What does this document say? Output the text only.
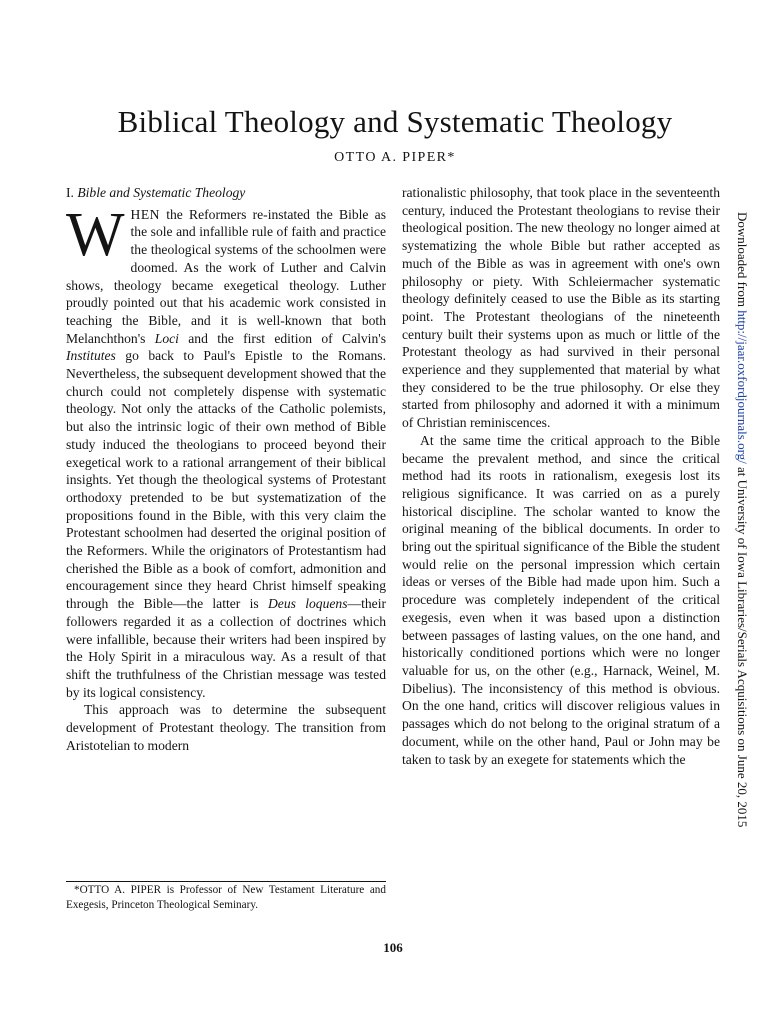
Biblical Theology and Systematic Theology
OTTO A. PIPER*
I. Bible and Systematic Theology

WHEN the Reformers re-instated the Bible as the sole and infallible rule of faith and practice the theological systems of the schoolmen were doomed. As the work of Luther and Calvin shows, theology became exegetical theology. Luther proudly pointed out that his academic work consisted in teaching the Bible, and it is well-known that both Melanchthon's Loci and the first edition of Calvin's Institutes go back to Paul's Epistle to the Romans. Nevertheless, the subsequent development showed that the church could not completely dispense with systematic theology. Not only the attacks of the Catholic polemists, but also the intrinsic logic of their own method of Bible study induced the theologians to proceed beyond their exegetical work to a rational arrangement of their biblical insights. Yet though the theological systems of Protestant orthodoxy pretended to be but systematization of the propositions found in the Bible, with this very claim the Protestant schoolmen had deserted the original position of the Reformers. While the originators of Protestantism had cherished the Bible as a book of comfort, admonition and encouragement since they heard Christ himself speaking through the Bible—the latter is Deus loquens—their followers regarded it as a collection of doctrines which were infallible, because their writers had been inspired by the Holy Spirit in a miraculous way. As a result of that shift the truthfulness of the Christian message was tested by its logical consistency.

This approach was to determine the subsequent development of Protestant theology. The transition from Aristotelian to modern

rationalistic philosophy, that took place in the seventeenth century, induced the Protestant theologians to revise their theological position. The new theology no longer aimed at systematizing the whole Bible but rather accepted as much of the Bible as was in agreement with one's own philosophy or piety. With Schleiermacher systematic theology definitely ceased to use the Bible as its starting point. The Protestant theologians of the nineteenth century built their systems upon as much or little of the Protestant theology as had survived in their personal experience and they supplemented that material by what they considered to be the true philosophy. Or else they started from philosophy and adorned it with a minimum of Christian reminiscences.

At the same time the critical approach to the Bible became the prevalent method, and since the critical method had its roots in rationalism, exegesis lost its religious significance. It was carried on as a purely historical discipline. The scholar wanted to know the original meaning of the biblical documents. In order to bring out the spiritual significance of the Bible the student would relie on the personal impression which certain ideas or verses of the Bible had made upon him. Such a procedure was completely independent of the critical exegesis, even when it was based upon a distinction between passages of lasting values, on the one hand, and historically conditioned portions which were no longer valuable for us, on the other (e.g., Harnack, Weinel, M. Dibelius). The inconsistency of this method is obvious. On the one hand, critics will discover religious values in passages which do not belong to the original stratum of a document, while on the other hand, Paul or John may be taken to task by an exegete for statements which the

*OTTO A. PIPER is Professor of New Testament Literature and Exegesis, Princeton Theological Seminary.

106
Downloaded from http://jaar.oxfordjournals.org/ at University of Iowa Libraries/Serials Acquisitions on June 20, 2015
